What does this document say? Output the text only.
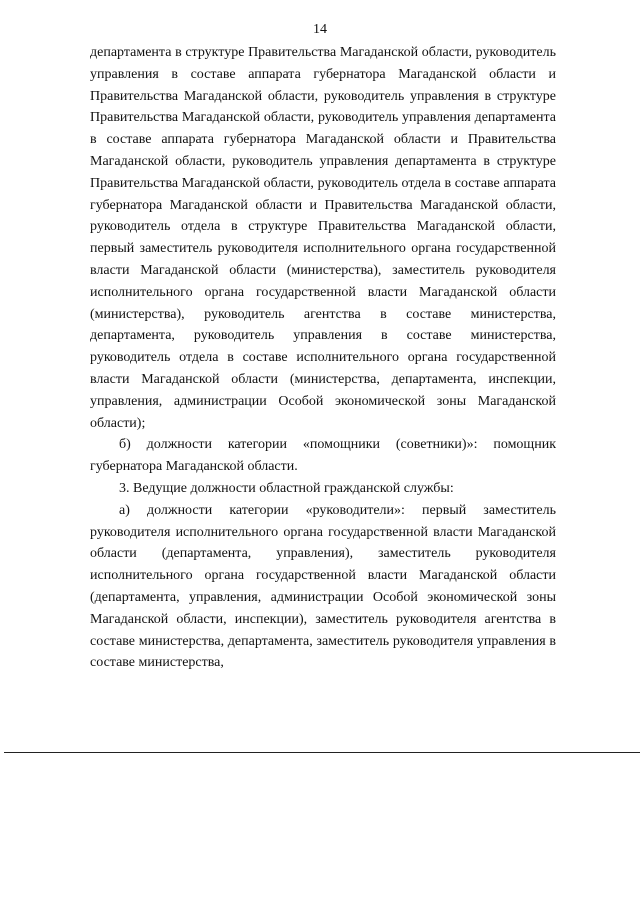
14

департамента в структуре Правительства Магаданской области, руководитель управления в составе аппарата губернатора Магаданской области и Правительства Магаданской области, руководитель управления в структуре Правительства Магаданской области, руководитель управления департамента в составе аппарата губернатора Магаданской области и Правительства Магаданской области, руководитель управления департамента в структуре Правительства Магаданской области, руководитель отдела в составе аппарата губернатора Магаданской области и Правительства Магаданской области, руководитель отдела в структуре Правительства Магаданской области, первый заместитель руководителя исполнительного органа государственной власти Магаданской области (министерства), заместитель руководителя исполнительного органа государственной власти Магаданской области (министерства), руководитель агентства в составе министерства, департамента, руководитель управления в составе министерства, руководитель отдела в составе исполнительного органа государственной власти Магаданской области (министерства, департамента, инспекции, управления, администрации Особой экономической зоны Магаданской области);

б) должности категории «помощники (советники)»: помощник губернатора Магаданской области.

3. Ведущие должности областной гражданской службы:

а) должности категории «руководители»: первый заместитель руководителя исполнительного органа государственной власти Магаданской области (департамента, управления), заместитель руководителя исполнительного органа государственной власти Магаданской области (департамента, управления, администрации Особой экономической зоны Магаданской области, инспекции), заместитель руководителя агентства в составе министерства, департамента, заместитель руководителя управления в составе министерства,
